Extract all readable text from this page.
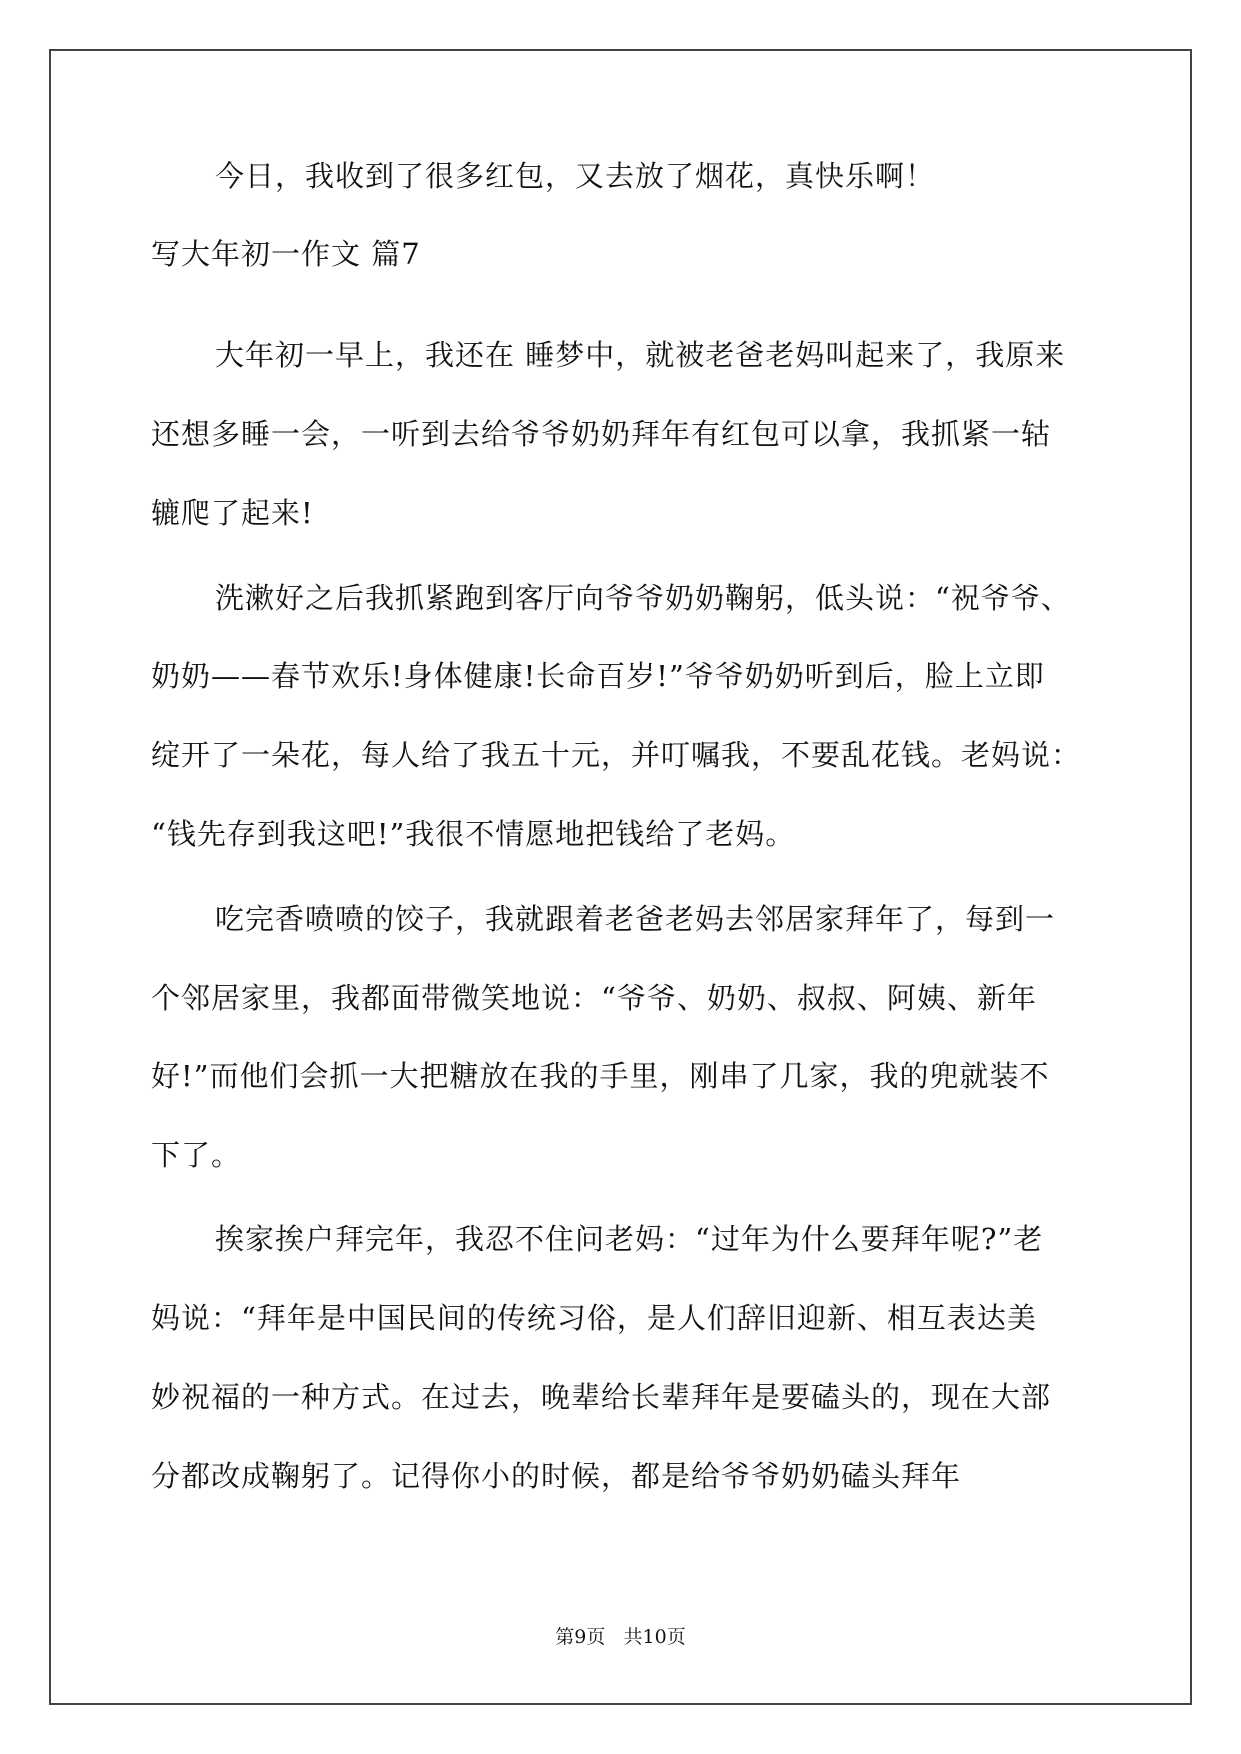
今日，我收到了很多红包，又去放了烟花，真快乐啊！
写大年初一作文 篇7
大年初一早上，我还在 睡梦中，就被老爸老妈叫起来了，我原来
还想多睡一会，一听到去给爷爷奶奶拜年有红包可以拿，我抓紧一轱
辘爬了起来!
洗漱好之后我抓紧跑到客厅向爷爷奶奶鞠躬，低头说：“祝爷爷、
奶奶——春节欢乐!身体健康!长命百岁!”爷爷奶奶听到后，脸上立即
绽开了一朵花，每人给了我五十元，并叮嘱我，不要乱花钱。老妈说：
“钱先存到我这吧!”我很不情愿地把钱给了老妈。
吃完香喷喷的饺子，我就跟着老爸老妈去邻居家拜年了，每到一
个邻居家里，我都面带微笑地说：“爷爷、奶奶、叔叔、阿姨、新年
好!”而他们会抓一大把糖放在我的手里，刚串了几家，我的兜就装不
下了。
挨家挨户拜完年，我忍不住问老妈：“过年为什么要拜年呢?”老
妈说：“拜年是中国民间的传统习俗，是人们辞旧迎新、相互表达美
妙祝福的一种方式。在过去，晚辈给长辈拜年是要磕头的，现在大部
分都改成鞠躬了。记得你小的时候，都是给爷爷奶奶磕头拜年
第9页 共10页
